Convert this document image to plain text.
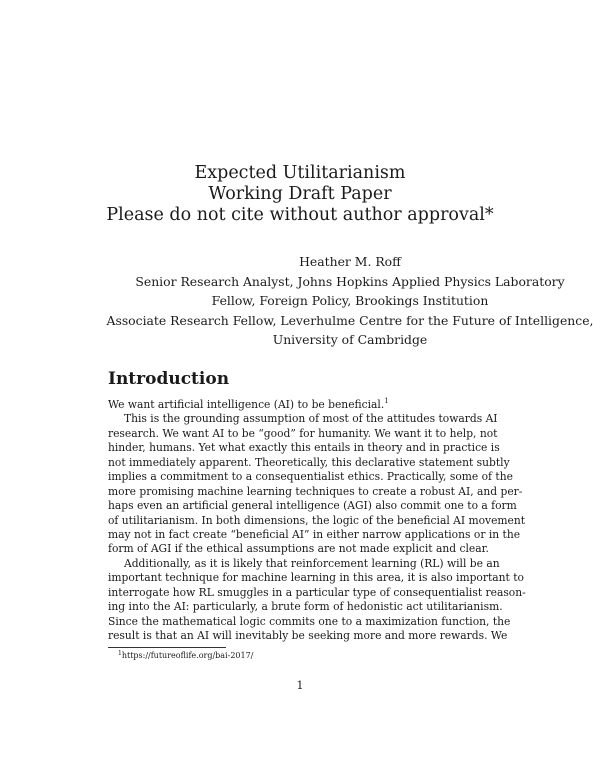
Expected Utilitarianism
Working Draft Paper
Please do not cite without author approval*
Heather M. Roff
Senior Research Analyst, Johns Hopkins Applied Physics Laboratory
Fellow, Foreign Policy, Brookings Institution
Associate Research Fellow, Leverhulme Centre for the Future of Intelligence,
University of Cambridge
Introduction
We want artificial intelligence (AI) to be beneficial.$^1$
This is the grounding assumption of most of the attitudes towards AI
research. We want AI to be “good” for humanity. We want it to help, not
hinder, humans. Yet what exactly this entails in theory and in practice is
not immediately apparent. Theoretically, this declarative statement subtly
implies a commitment to a consequentialist ethics. Practically, some of the
more promising machine learning techniques to create a robust AI, and per-
haps even an artificial general intelligence (AGI) also commit one to a form
of utilitarianism. In both dimensions, the logic of the beneficial AI movement
may not in fact create “beneficial AI” in either narrow applications or in the
form of AGI if the ethical assumptions are not made explicit and clear.
Additionally, as it is likely that reinforcement learning (RL) will be an
important technique for machine learning in this area, it is also important to
interrogate how RL smuggles in a particular type of consequentialist reason-
ing into the AI: particularly, a brute form of hedonistic act utilitarianism.
Since the mathematical logic commits one to a maximization function, the
result is that an AI will inevitably be seeking more and more rewards. We
$^1$https://futureoflife.org/bai-2017/
1
